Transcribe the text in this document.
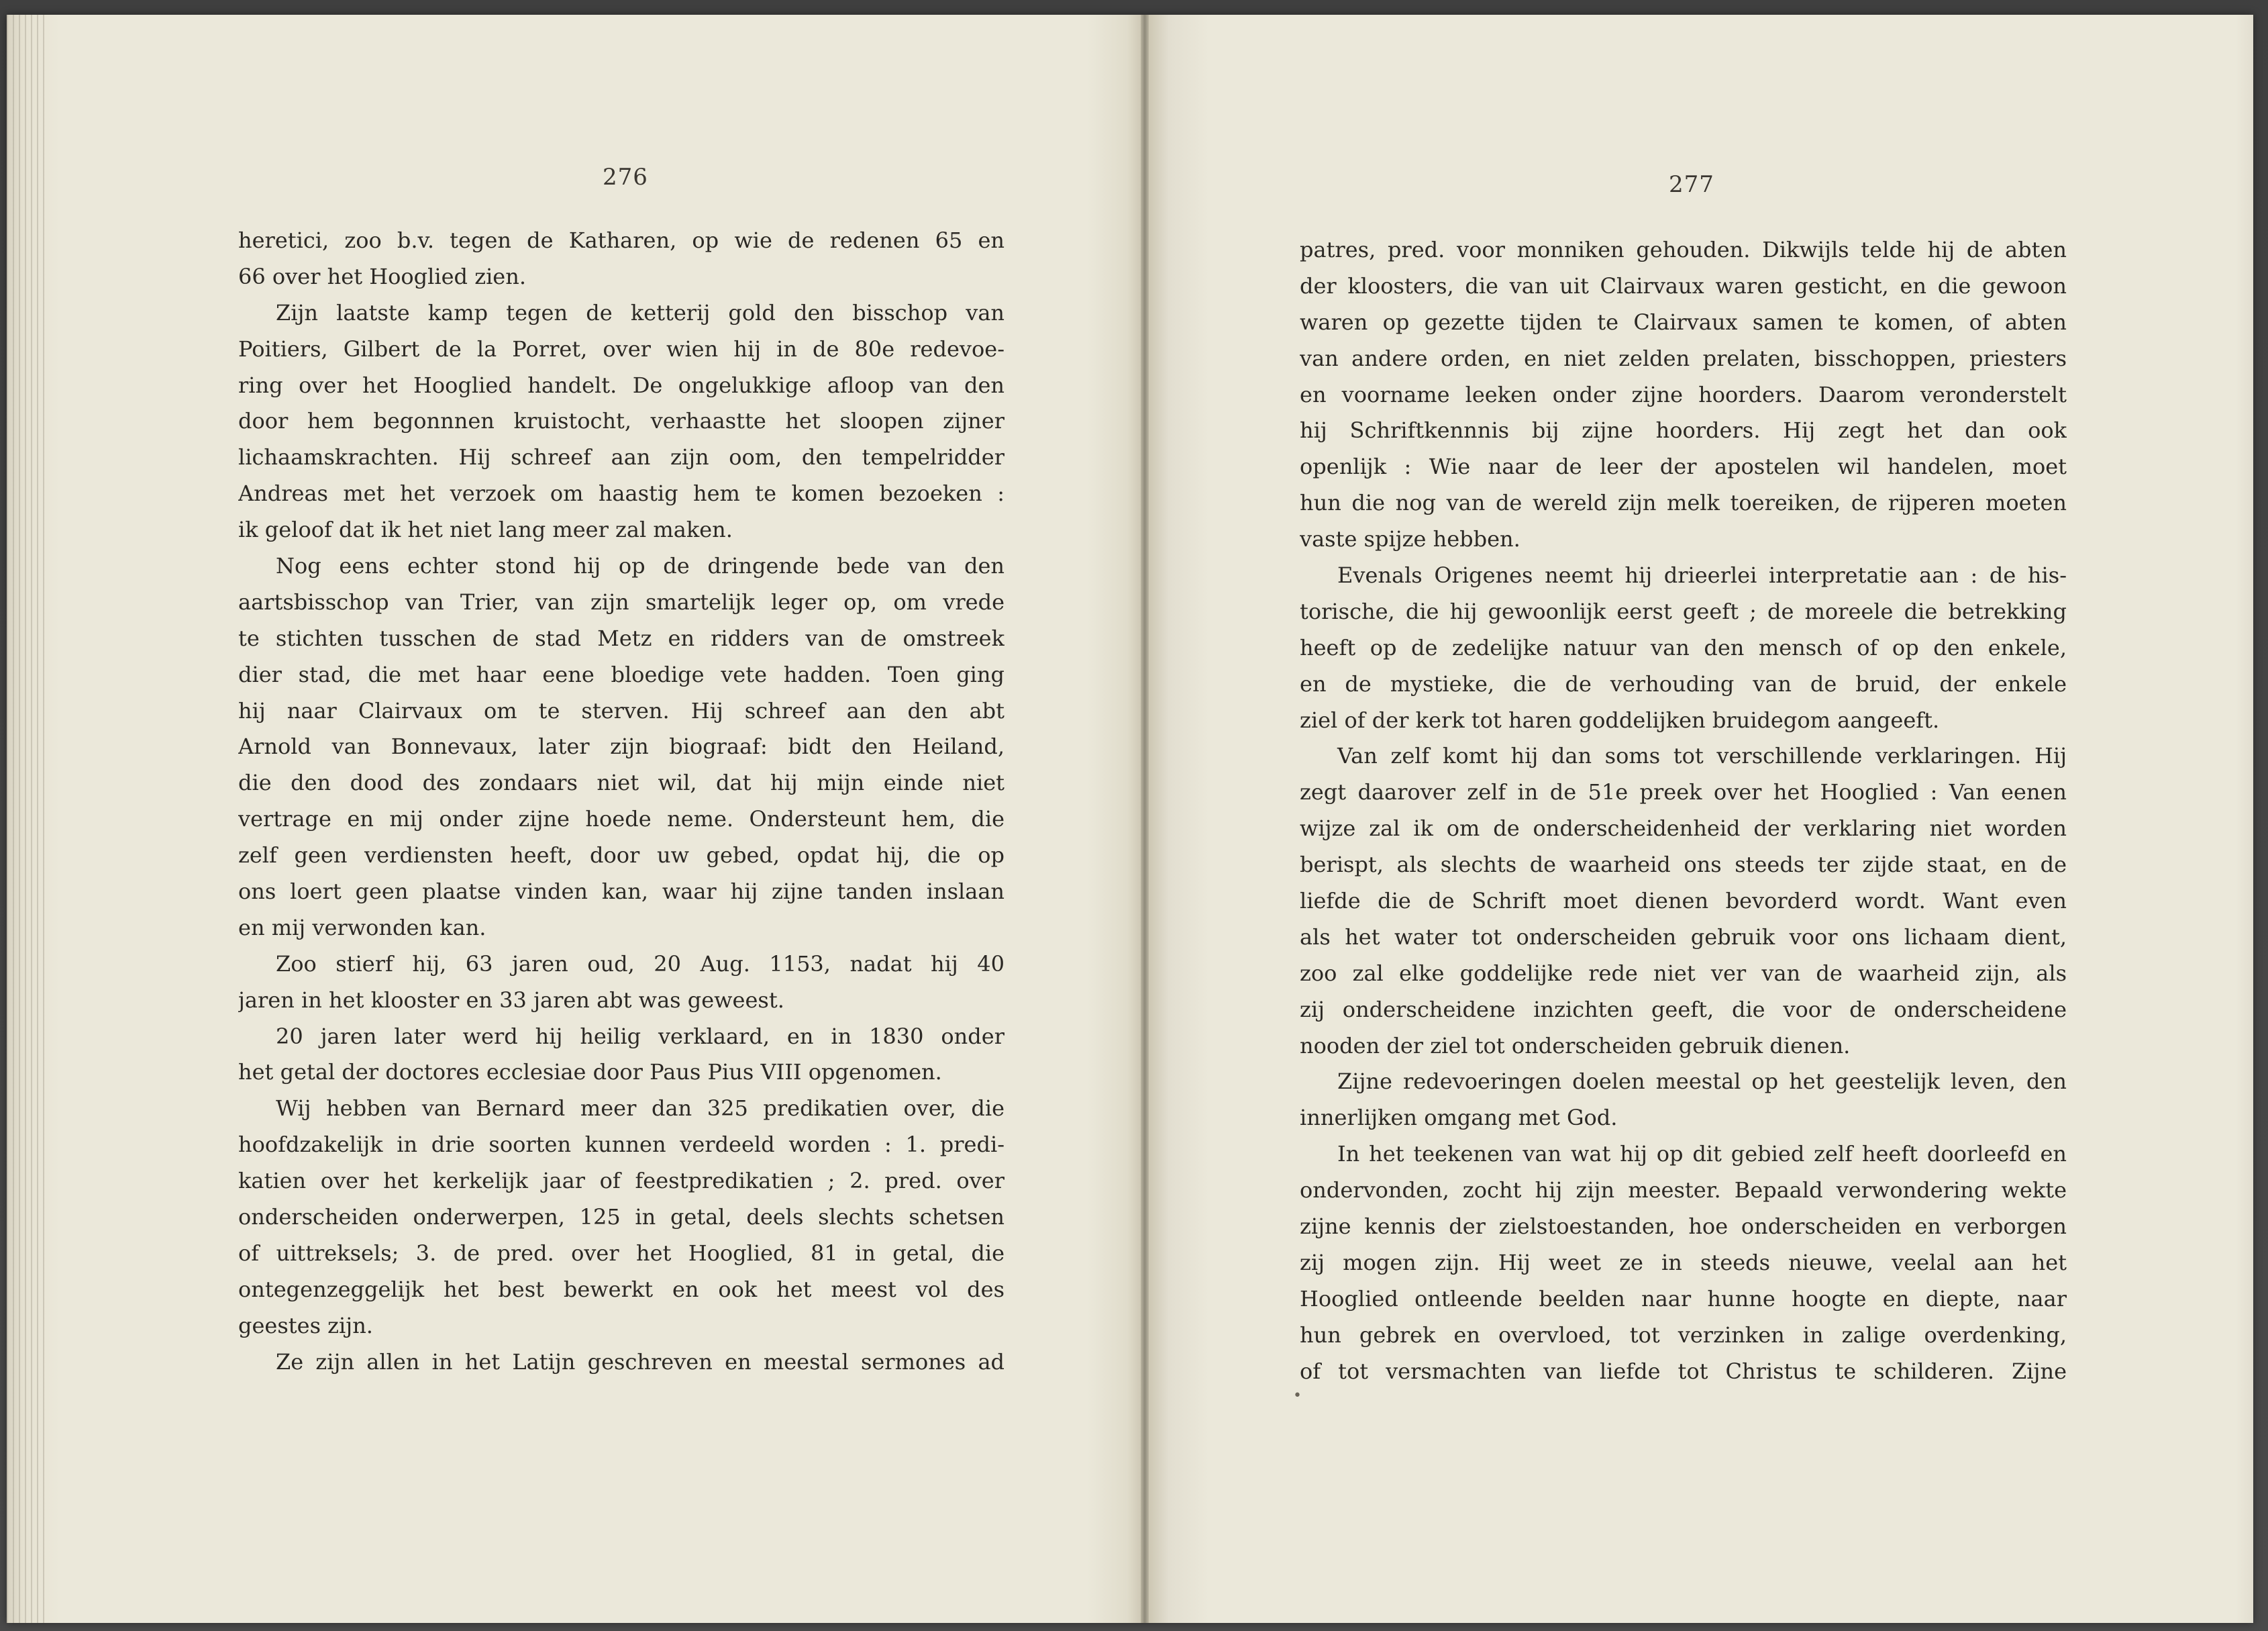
276
heretici, zoo b.v. tegen de Katharen, op wie de redenen 65 en
66 over het Hooglied zien.
Zijn laatste kamp tegen de ketterij gold den bisschop van
Poitiers, Gilbert de la Porret, over wien hij in de 80e redevoe-
ring over het Hooglied handelt. De ongelukkige afloop van den
door hem begonnnen kruistocht, verhaastte het sloopen zijner
lichaamskrachten. Hij schreef aan zijn oom, den tempelridder
Andreas met het verzoek om haastig hem te komen bezoeken :
ik geloof dat ik het niet lang meer zal maken.
Nog eens echter stond hij op de dringende bede van den
aartsbisschop van Trier, van zijn smartelijk leger op, om vrede
te stichten tusschen de stad Metz en ridders van de omstreek
dier stad, die met haar eene bloedige vete hadden. Toen ging
hij naar Clairvaux om te sterven. Hij schreef aan den abt
Arnold van Bonnevaux, later zijn biograaf: bidt den Heiland,
die den dood des zondaars niet wil, dat hij mijn einde niet
vertrage en mij onder zijne hoede neme. Ondersteunt hem, die
zelf geen verdiensten heeft, door uw gebed, opdat hij, die op
ons loert geen plaatse vinden kan, waar hij zijne tanden inslaan
en mij verwonden kan.
Zoo stierf hij, 63 jaren oud, 20 Aug. 1153, nadat hij 40
jaren in het klooster en 33 jaren abt was geweest.
20 jaren later werd hij heilig verklaard, en in 1830 onder
het getal der doctores ecclesiae door Paus Pius VIII opgenomen.
Wij hebben van Bernard meer dan 325 predikatien over, die
hoofdzakelijk in drie soorten kunnen verdeeld worden : 1. predi-
katien over het kerkelijk jaar of feestpredikatien ; 2. pred. over
onderscheiden onderwerpen, 125 in getal, deels slechts schetsen
of uittreksels; 3. de pred. over het Hooglied, 81 in getal, die
ontegenzeggelijk het best bewerkt en ook het meest vol des
geestes zijn.
Ze zijn allen in het Latijn geschreven en meestal sermones ad
277
patres, pred. voor monniken gehouden. Dikwijls telde hij de abten
der kloosters, die van uit Clairvaux waren gesticht, en die gewoon
waren op gezette tijden te Clairvaux samen te komen, of abten
van andere orden, en niet zelden prelaten, bisschoppen, priesters
en voorname leeken onder zijne hoorders. Daarom veronderstelt
hij Schriftkennnis bij zijne hoorders. Hij zegt het dan ook
openlijk : Wie naar de leer der apostelen wil handelen, moet
hun die nog van de wereld zijn melk toereiken, de rijperen moeten
vaste spijze hebben.
Evenals Origenes neemt hij drieerlei interpretatie aan : de his-
torische, die hij gewoonlijk eerst geeft ; de moreele die betrekking
heeft op de zedelijke natuur van den mensch of op den enkele,
en de mystieke, die de verhouding van de bruid, der enkele
ziel of der kerk tot haren goddelijken bruidegom aangeeft.
Van zelf komt hij dan soms tot verschillende verklaringen. Hij
zegt daarover zelf in de 51e preek over het Hooglied : Van eenen
wijze zal ik om de onderscheidenheid der verklaring niet worden
berispt, als slechts de waarheid ons steeds ter zijde staat, en de
liefde die de Schrift moet dienen bevorderd wordt. Want even
als het water tot onderscheiden gebruik voor ons lichaam dient,
zoo zal elke goddelijke rede niet ver van de waarheid zijn, als
zij onderscheidene inzichten geeft, die voor de onderscheidene
nooden der ziel tot onderscheiden gebruik dienen.
Zijne redevoeringen doelen meestal op het geestelijk leven, den
innerlijken omgang met God.
In het teekenen van wat hij op dit gebied zelf heeft doorleefd en
ondervonden, zocht hij zijn meester. Bepaald verwondering wekte
zijne kennis der zielstoestanden, hoe onderscheiden en verborgen
zij mogen zijn. Hij weet ze in steeds nieuwe, veelal aan het
Hooglied ontleende beelden naar hunne hoogte en diepte, naar
hun gebrek en overvloed, tot verzinken in zalige overdenking,
of tot versmachten van liefde tot Christus te schilderen. Zijne
•
